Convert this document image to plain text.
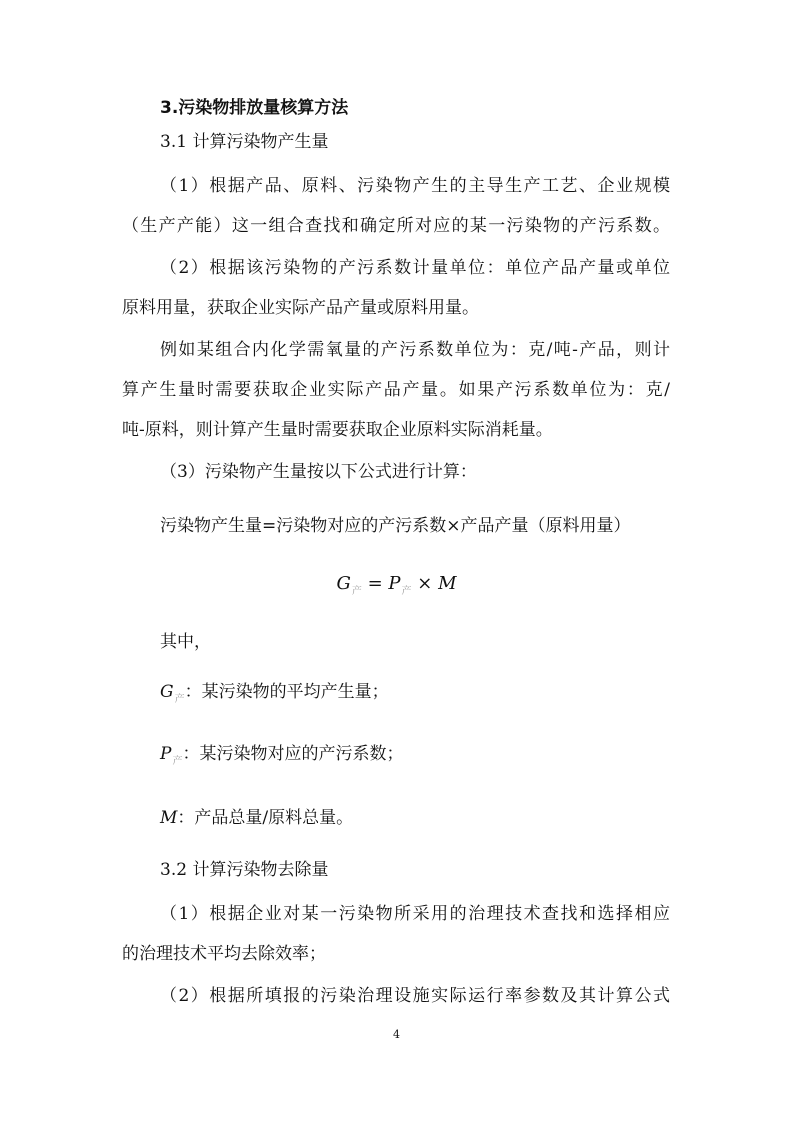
3.污染物排放量核算方法
3.1 计算污染物产生量
（1）根据产品、原料、污染物产生的主导生产工艺、企业规模
（生产产能）这一组合查找和确定所对应的某一污染物的产污系数。
（2）根据该污染物的产污系数计量单位：单位产品产量或单位
原料用量，获取企业实际产品产量或原料用量。
例如某组合内化学需氧量的产污系数单位为：克/吨-产品，则计
算产生量时需要获取企业实际产品产量。如果产污系数单位为：克/
吨-原料，则计算产生量时需要获取企业原料实际消耗量。
（3）污染物产生量按以下公式进行计算：
污染物产生量=污染物对应的产污系数×产品产量（原料用量）
$G_产 = P_产 \times M$
其中，
$G_产$：某污染物的平均产生量；
$P_产$：某污染物对应的产污系数；
M：产品总量/原料总量。
3.2 计算污染物去除量
（1）根据企业对某一污染物所采用的治理技术查找和选择相应
的治理技术平均去除效率；
（2）根据所填报的污染治理设施实际运行率参数及其计算公式
4
